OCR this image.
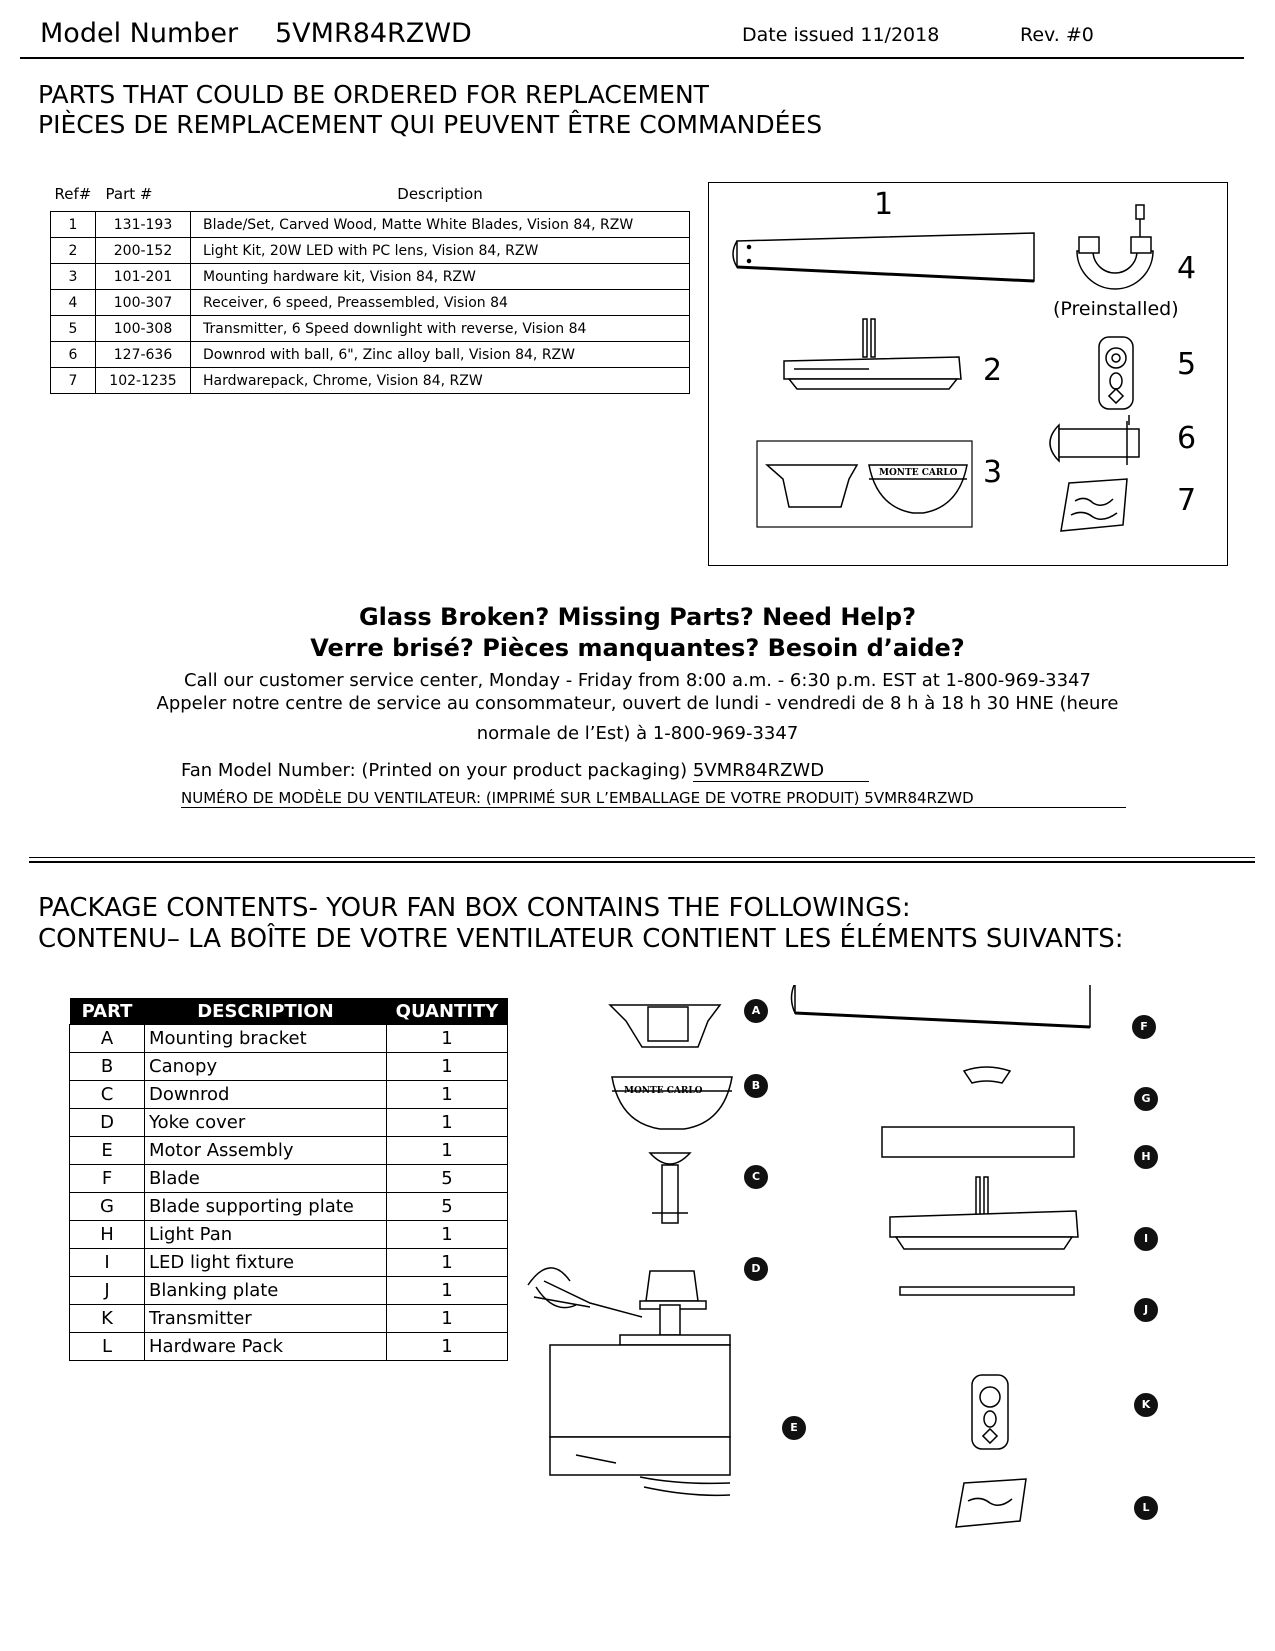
Model Number 5VMR84RZWD	Date issued 11/2018	Rev. #0
PARTS THAT COULD BE ORDERED FOR REPLACEMENT
PIÈCES DE REMPLACEMENT QUI PEUVENT ÊTRE COMMANDÉES
Ref#	Part #	Description
1	131-193	Blade/Set, Carved Wood, Matte White Blades, Vision 84, RZW
2	200-152	Light Kit, 20W LED with PC lens, Vision 84, RZW
3	101-201	Mounting hardware kit, Vision 84, RZW
4	100-307	Receiver, 6 speed, Preassembled, Vision 84
5	100-308	Transmitter, 6 Speed downlight with reverse, Vision 84
6	127-636	Downrod with ball, 6", Zinc alloy ball, Vision 84, RZW
7	102-1235	Hardwarepack, Chrome, Vision 84, RZW
MONTE CARLO
1
2
3
4
5
6
7
(Preinstalled)
Glass Broken? Missing Parts? Need Help?
Verre brisé? Pièces manquantes? Besoin d’aide?
Call our customer service center, Monday - Friday from 8:00 a.m. - 6:30 p.m. EST at 1-800-969-3347
Appeler notre centre de service au consommateur, ouvert de lundi - vendredi de 8 h à 18 h 30 HNE (heure
normale de l’Est) à 1-800-969-3347
Fan Model Number: (Printed on your product packaging) 5VMR84RZWD
NUMÉRO DE MODÈLE DU VENTILATEUR: (IMPRIMÉ SUR L’EMBALLAGE DE VOTRE PRODUIT) 5VMR84RZWD
PACKAGE CONTENTS- YOUR FAN BOX CONTAINS THE FOLLOWINGS:
CONTENU– LA BOÎTE DE VOTRE VENTILATEUR CONTIENT LES ÉLÉMENTS SUIVANTS:
PART	DESCRIPTION	QUANTITY
A	Mounting bracket	1
B	Canopy	1
C	Downrod	1
D	Yoke cover	1
E	Motor Assembly	1
F	Blade	5
G	Blade supporting plate	5
H	Light Pan	1
I	LED light fixture	1
J	Blanking plate	1
K	Transmitter	1
L	Hardware Pack	1
MONTE CARLO
A
B
C
D
E
F
G
H
I
J
K
L
